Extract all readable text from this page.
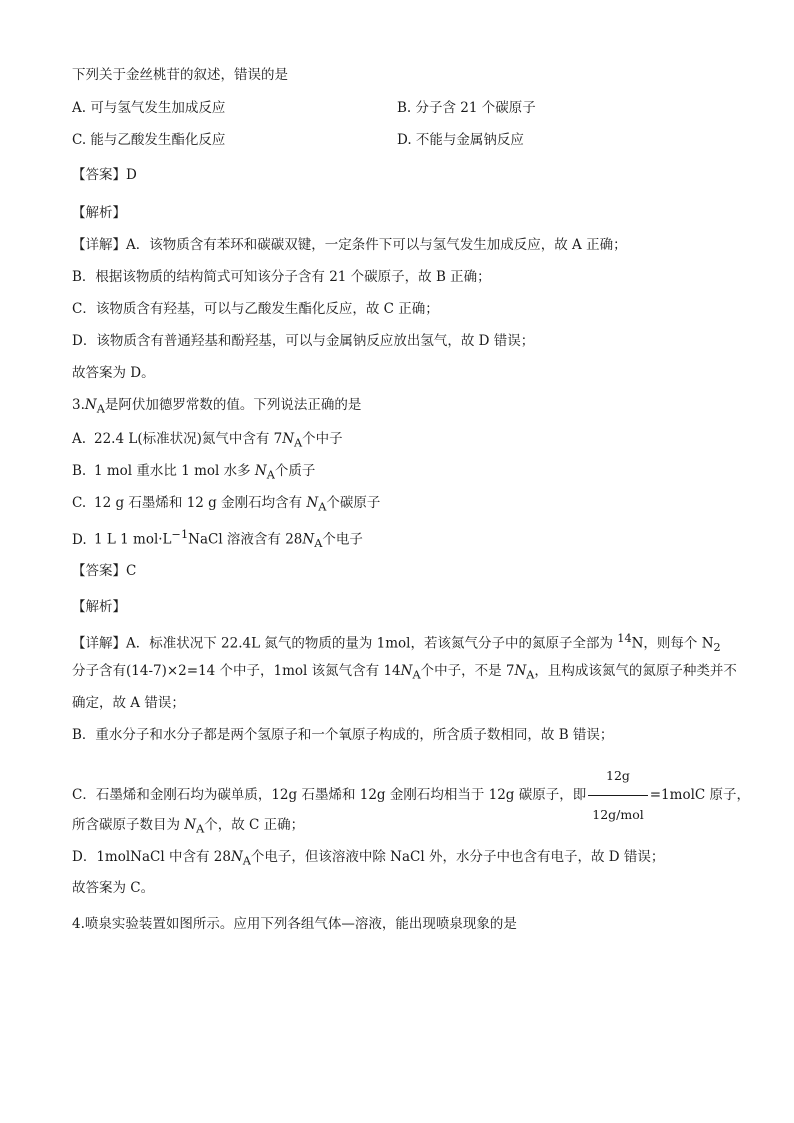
下列关于金丝桃苷的叙述，错误的是
A. 可与氢气发生加成反应	B. 分子含 21 个碳原子
C. 能与乙酸发生酯化反应	D. 不能与金属钠反应
【答案】D
【解析】
【详解】A．该物质含有苯环和碳碳双键，一定条件下可以与氢气发生加成反应，故 A 正确；
B．根据该物质的结构简式可知该分子含有 21 个碳原子，故 B 正确；
C．该物质含有羟基，可以与乙酸发生酯化反应，故 C 正确；
D．该物质含有普通羟基和酚羟基，可以与金属钠反应放出氢气，故 D 错误；
故答案为 D。
$3.N_A$是阿伏加德罗常数的值。下列说法正确的是
A. 22.4 L(标准状况)氮气中含有 $7N_A$个中子
B. 1 mol 重水比 1 mol 水多 $N_A$个质子
C. 12 g 石墨烯和 12 g 金刚石均含有 $N_A$个碳原子
D. 1 L 1 $mol\cdot L^{-1}NaCl$ 溶液含有 $28N_A$个电子
【答案】C
【解析】
【详解】A．标准状况下 22.4L 氮气的物质的量为 1mol，若该氮气分子中的氮原子全部为 $^{14}$N，则每个 $N_2$
分子含有(14-7)×2=14 个中子，1mol 该氮气含有 $14N_A$个中子，不是 $7N_A$，且构成该氮气的氮原子种类并不
确定，故 A 错误；
B．重水分子和水分子都是两个氢原子和一个氧原子构成的，所含质子数相同，故 B 错误；
C．石墨烯和金刚石均为碳单质，12g 石墨烯和 12g 金刚石均相当于 12g 碳原子，即 $\frac{12g}{\text{12g/mol}}$ =1molC 原子，
所含碳原子数目为 $N_A$个，故 C 正确；
D．1molNaCl 中含有 $28N_A$个电子，但该溶液中除 NaCl 外，水分子中也含有电子，故 D 错误；
故答案为 C。
4.喷泉实验装置如图所示。应用下列各组气体—溶液，能出现喷泉现象的是
